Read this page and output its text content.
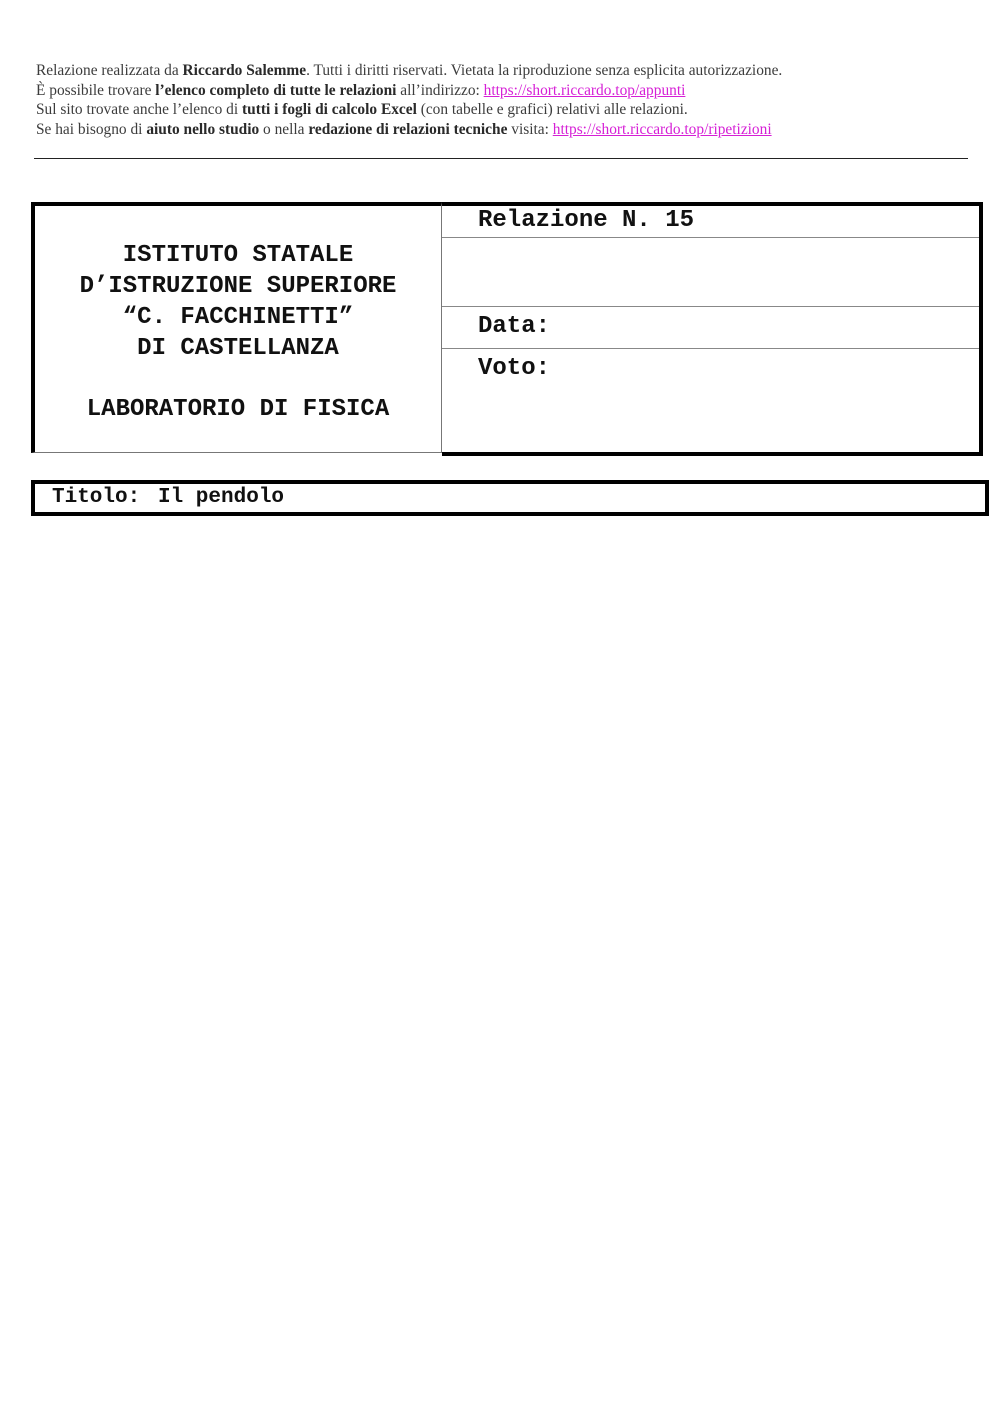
Relazione realizzata da Riccardo Salemme. Tutti i diritti riservati. Vietata la riproduzione senza esplicita autorizzazione.
È possibile trovare l’elenco completo di tutte le relazioni all’indirizzo: https://short.riccardo.top/appunti
Sul sito trovate anche l’elenco di tutti i fogli di calcolo Excel (con tabelle e grafici) relativi alle relazioni.
Se hai bisogno di aiuto nello studio o nella redazione di relazioni tecniche visita: https://short.riccardo.top/ripetizioni
ISTITUTO STATALE
D’ISTRUZIONE SUPERIORE
“C. FACCHINETTI”
DI CASTELLANZA
LABORATORIO DI FISICA
Relazione N. 15
Data:
Voto:
Titolo: Il pendolo
